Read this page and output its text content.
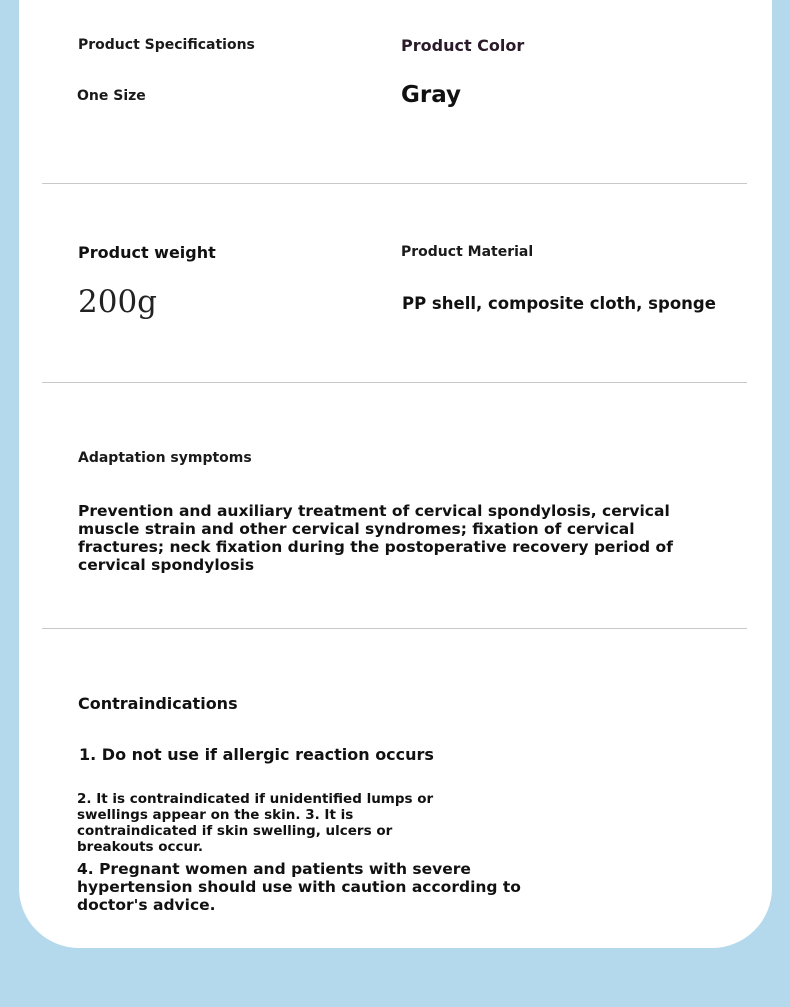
Product Specifications

One Size

Product Color

Gray

Product weight

200g

Product Material

PP shell, composite cloth, sponge

Adaptation symptoms

Prevention and auxiliary treatment of cervical spondylosis, cervical muscle strain and other cervical syndromes; fixation of cervical fractures; neck fixation during the postoperative recovery period of cervical spondylosis

Contraindications

1. Do not use if allergic reaction occurs

2. It is contraindicated if unidentified lumps or swellings appear on the skin. 3. It is contraindicated if skin swelling, ulcers or breakouts occur.

4. Pregnant women and patients with severe hypertension should use with caution according to doctor's advice.
